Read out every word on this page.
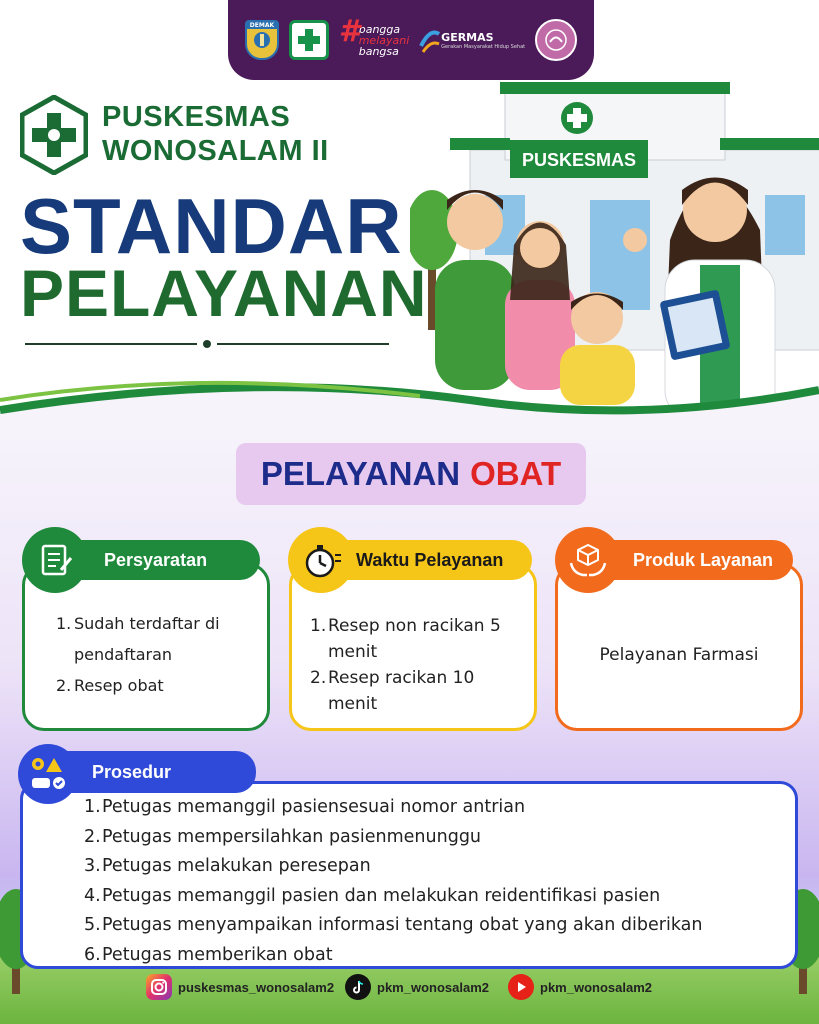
DEMAK # bangga
melayani
bangsa
GERMAS
Gerakan Masyarakat Hidup Sehat
PUSKESMAS
WONOSALAM II
STANDAR
PELAYANAN
PUSKESMAS
PELAYANAN OBAT
Persyaratan
1. Sudah terdaftar di pendaftaran
2. Resep obat
Waktu Pelayanan
1. Resep non racikan 5 menit
2. Resep racikan 10 menit
Produk Layanan
Pelayanan Farmasi
Prosedur
1. Petugas memanggil pasiensesuai nomor antrian
2. Petugas mempersilahkan pasienmenunggu
3. Petugas melakukan peresepan
4. Petugas memanggil pasien dan melakukan reidentifikasi pasien
5. Petugas menyampaikan informasi tentang obat yang akan diberikan
6. Petugas memberikan obat
puskesmas_wonosalam2	pkm_wonosalam2	pkm_wonosalam2
